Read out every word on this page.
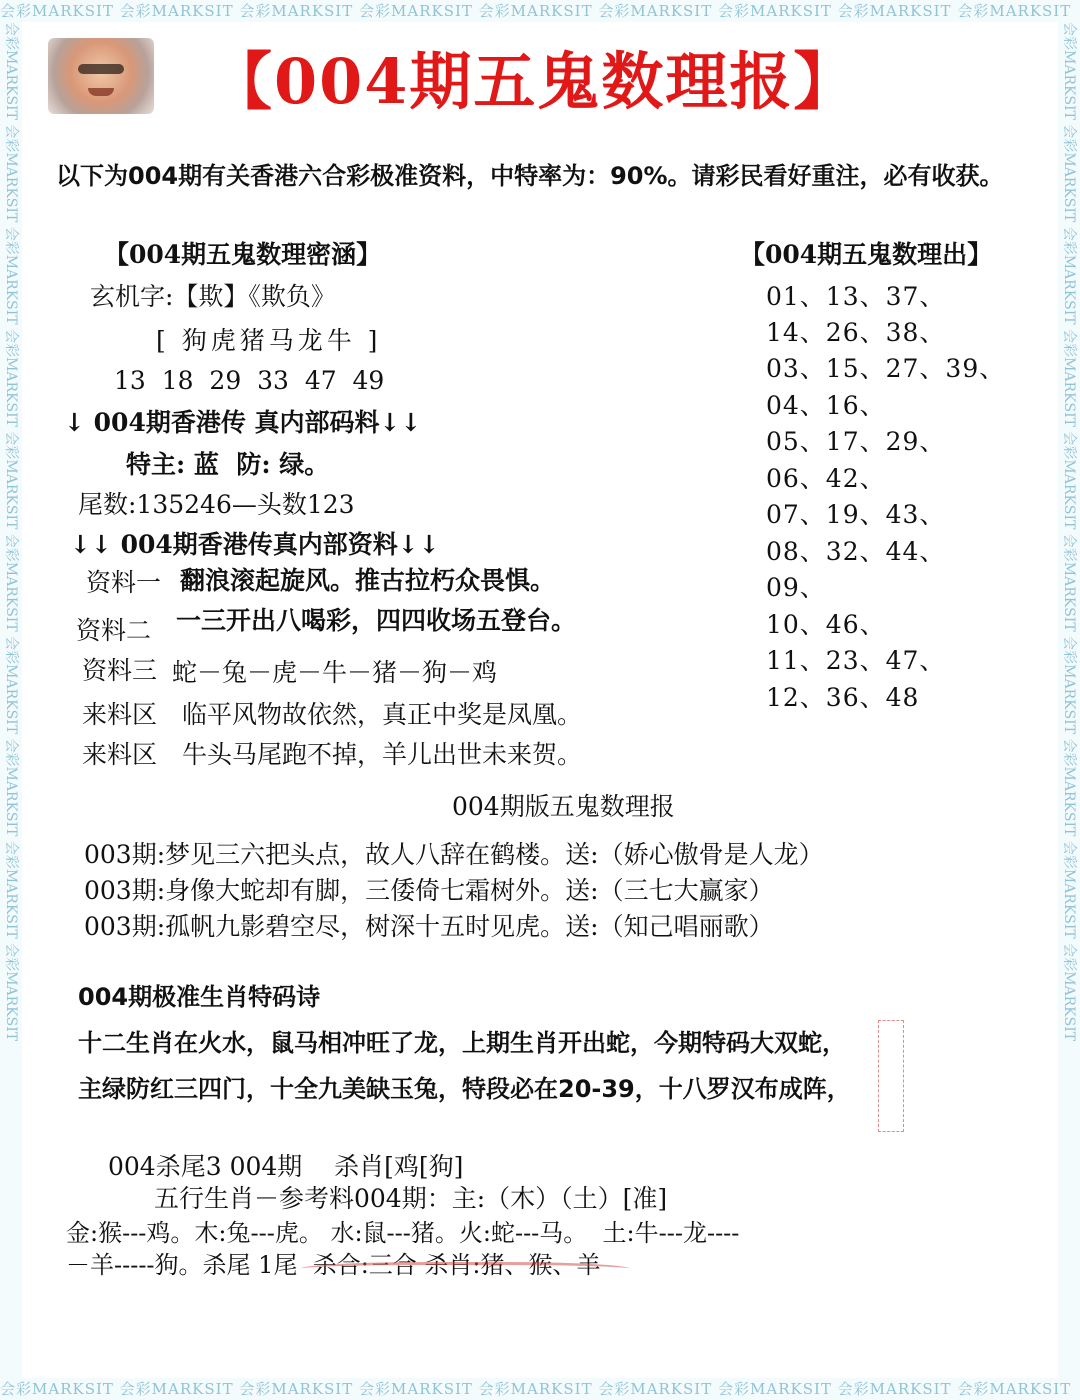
会彩MARKSIT 会彩MARKSIT 会彩MARKSIT 会彩MARKSIT 会彩MARKSIT 会彩MARKSIT 会彩MARKSIT 会彩MARKSIT 会彩MARKSIT
会彩MARKSIT 会彩MARKSIT 会彩MARKSIT 会彩MARKSIT 会彩MARKSIT 会彩MARKSIT 会彩MARKSIT 会彩MARKSIT 会彩MARKSIT
会彩MARKSIT 会彩MARKSIT 会彩MARKSIT 会彩MARKSIT 会彩MARKSIT 会彩MARKSIT 会彩MARKSIT 会彩MARKSIT 会彩MARKSIT 会彩MARKSIT	会彩MARKSIT 会彩MARKSIT 会彩MARKSIT 会彩MARKSIT 会彩MARKSIT 会彩MARKSIT 会彩MARKSIT 会彩MARKSIT 会彩MARKSIT 会彩MARKSIT
【004期五鬼数理报】
以下为004期有关香港六合彩极准资料，中特率为：90%。请彩民看好重注，必有收获。
【004期五鬼数理密涵】
玄机字:【欺】《欺负》
[ 狗虎猪马龙牛 ]
13  18  29  33  47  49
↓ 004期香港传 真内部码料↓↓
特主: 蓝  防: 绿。
尾数:135246—头数123
↓↓ 004期香港传真内部资料↓↓
资料一 翻浪滚起旋风。推古拉朽众畏惧。
资料二 一三开出八喝彩，四四收场五登台。
资料三 蛇－兔－虎－牛－猪－狗－鸡
来料区 临平风物故依然，真正中奖是凤凰。
来料区 牛头马尾跑不掉，羊儿出世未来贺。
【004期五鬼数理出】
01、13、37、
14、26、38、
03、15、27、39、
04、16、
05、17、29、
06、42、
07、19、43、
08、32、44、
09、
10、46、
11、23、47、
12、36、48
004期版五鬼数理报
003期:梦见三六把头点，故人八辞在鹤楼。送:（娇心傲骨是人龙）
003期:身像大蛇却有脚，三倭倚七霜树外。送:（三七大赢家）
003期:孤帆九影碧空尽，树深十五时见虎。送:（知己唱丽歌）
004期极准生肖特码诗
十二生肖在火水，鼠马相冲旺了龙，上期生肖开出蛇，今期特码大双蛇，
主绿防红三四门，十全九美缺玉兔，特段必在20-39，十八罗汉布成阵，
004杀尾3 004期    杀肖[鸡[狗]
五行生肖－参考料004期：主:（木）（土）[准]
金:猴---鸡。木:兔---虎。 水:鼠---猪。火:蛇---马。  土:牛---龙----
－羊-----狗。杀尾 1尾  杀合:三合 杀肖:猪、猴、羊
